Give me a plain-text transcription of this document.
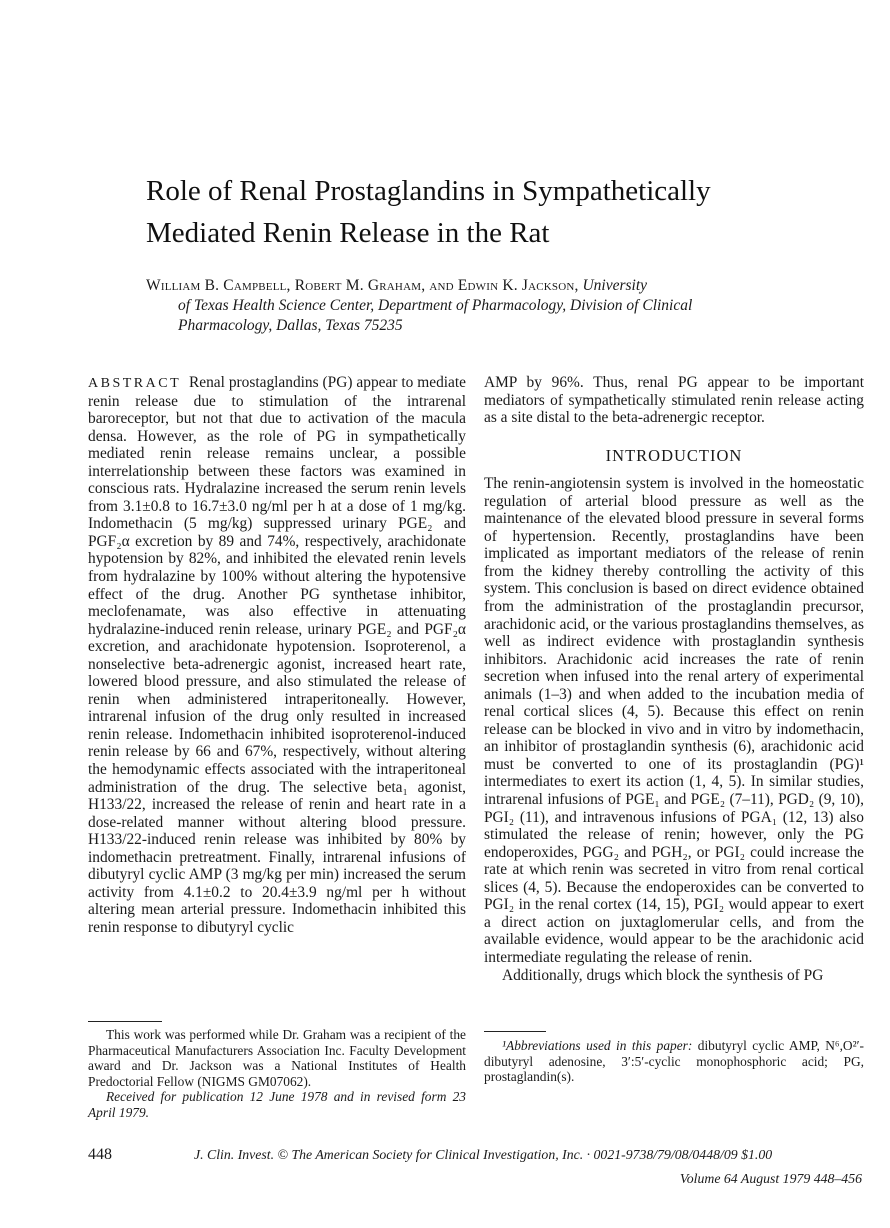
Role of Renal Prostaglandins in Sympathetically Mediated Renin Release in the Rat
William B. Campbell, Robert M. Graham, and Edwin K. Jackson, University
of Texas Health Science Center, Department of Pharmacology, Division of Clinical
Pharmacology, Dallas, Texas 75235

ABSTRACT Renal prostaglandins (PG) appear to mediate renin release due to stimulation of the intrarenal baroreceptor, but not that due to activation of the macula densa. However, as the role of PG in sympathetically mediated renin release remains unclear, a possible interrelationship between these factors was examined in conscious rats. Hydralazine increased the serum renin levels from 3.1±0.8 to 16.7±3.0 ng/ml per h at a dose of 1 mg/kg. Indomethacin (5 mg/kg) suppressed urinary PGE₂ and PGF₂α excretion by 89 and 74%, respectively, arachidonate hypotension by 82%, and inhibited the elevated renin levels from hydralazine by 100% without altering the hypotensive effect of the drug. Another PG synthetase inhibitor, meclofenamate, was also effective in attenuating hydralazine-induced renin release, urinary PGE₂ and PGF₂α excretion, and arachidonate hypotension. Isoproterenol, a nonselective beta-adrenergic agonist, increased heart rate, lowered blood pressure, and also stimulated the release of renin when administered intraperitoneally. However, intrarenal infusion of the drug only resulted in increased renin release. Indomethacin inhibited isoproterenol-induced renin release by 66 and 67%, respectively, without altering the hemodynamic effects associated with the intraperitoneal administration of the drug. The selective beta₁ agonist, H133/22, increased the release of renin and heart rate in a dose-related manner without altering blood pressure. H133/22-induced renin release was inhibited by 80% by indomethacin pretreatment. Finally, intrarenal infusions of dibutyryl cyclic AMP (3 mg/kg per min) increased the serum activity from 4.1±0.2 to 20.4±3.9 ng/ml per h without altering mean arterial pressure. Indomethacin inhibited this renin response to dibutyryl cyclic

AMP by 96%. Thus, renal PG appear to be important mediators of sympathetically stimulated renin release acting as a site distal to the beta-adrenergic receptor.

INTRODUCTION

The renin-angiotensin system is involved in the homeostatic regulation of arterial blood pressure as well as the maintenance of the elevated blood pressure in several forms of hypertension. Recently, prostaglandins have been implicated as important mediators of the release of renin from the kidney thereby controlling the activity of this system. This conclusion is based on direct evidence obtained from the administration of the prostaglandin precursor, arachidonic acid, or the various prostaglandins themselves, as well as indirect evidence with prostaglandin synthesis inhibitors. Arachidonic acid increases the rate of renin secretion when infused into the renal artery of experimental animals (1–3) and when added to the incubation media of renal cortical slices (4, 5). Because this effect on renin release can be blocked in vivo and in vitro by indomethacin, an inhibitor of prostaglandin synthesis (6), arachidonic acid must be converted to one of its prostaglandin (PG)¹ intermediates to exert its action (1, 4, 5). In similar studies, intrarenal infusions of PGE₁ and PGE₂ (7–11), PGD₂ (9, 10), PGI₂ (11), and intravenous infusions of PGA₁ (12, 13) also stimulated the release of renin; however, only the PG endoperoxides, PGG₂ and PGH₂, or PGI₂ could increase the rate at which renin was secreted in vitro from renal cortical slices (4, 5). Because the endoperoxides can be converted to PGI₂ in the renal cortex (14, 15), PGI₂ would appear to exert a direct action on juxtaglomerular cells, and from the available evidence, would appear to be the arachidonic acid intermediate regulating the release of renin.

Additionally, drugs which block the synthesis of PG

This work was performed while Dr. Graham was a recipient of the Pharmaceutical Manufacturers Association Inc. Faculty Development award and Dr. Jackson was a National Institutes of Health Predoctorial Fellow (NIGMS GM07062).

Received for publication 12 June 1978 and in revised form 23 April 1979.

¹Abbreviations used in this paper: dibutyryl cyclic AMP, N⁶,O²′-dibutyryl adenosine, 3′:5′-cyclic monophosphoric acid; PG, prostaglandin(s).

448	J. Clin. Invest. © The American Society for Clinical Investigation, Inc. · 0021-9738/79/08/0448/09 $1.00
Volume 64 August 1979 448–456
